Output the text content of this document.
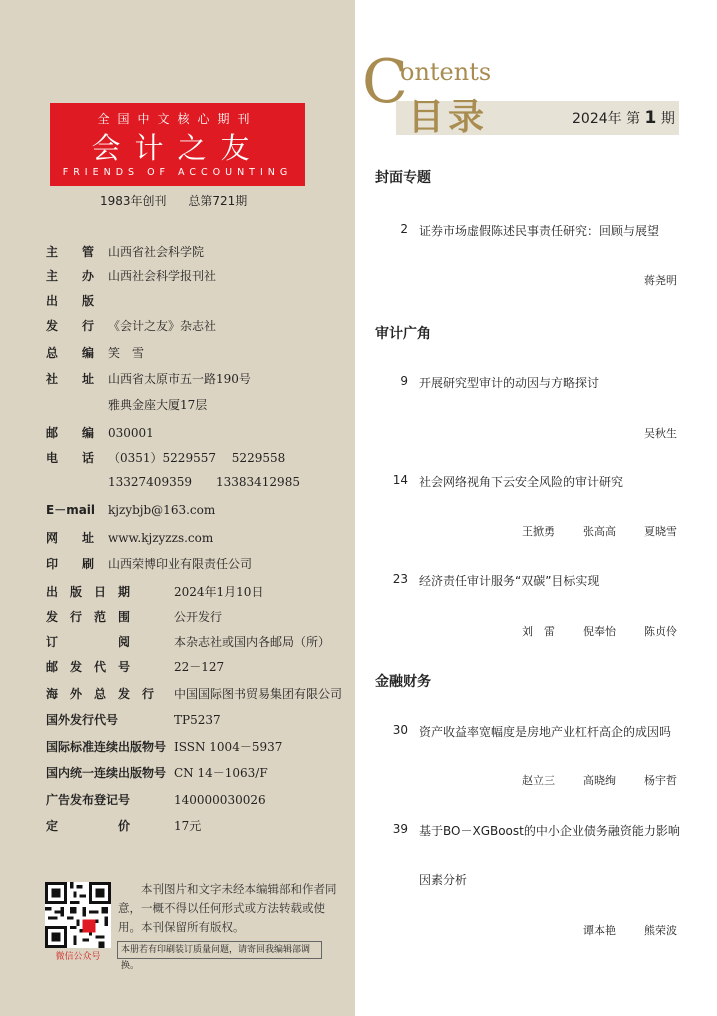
全国中文核心期刊
会计之友
FRIENDS OF ACCOUNTING
1983年创刊 总第721期
主　　管 山西省社会科学院
主　　办 山西社会科学报刊社
出　　版
发　　行 《会计之友》杂志社
总　　编 笑　雪
社　　址 山西省太原市五一路190号
雅典金座大厦17层
邮　　编 030001
电　　话 （0351）5229557　 5229558
13327409359　　13383412985
E－mail kjzybjb@163.com
网　　址 www.kjzyzzs.com
印　　刷 山西荣博印业有限责任公司
出　版　日　期	2024年1月10日
发　行　范　围	公开发行
订　　　　　阅	本杂志社或国内各邮局（所）
邮　发　代　号	22－127
海　外　总　发　行	中国国际图书贸易集团有限公司
国外发行代号	TP5237
国际标准连续出版物号 ISSN 1004－5937
国内统一连续出版物号 CN 14－1063/F
广告发布登记号	140000030026
定　　　　　价	17元
微信公众号
本刊图片和文字未经本编辑部和作者同意，一概不得以任何形式或方法转载或使用。本刊保留所有版权。
本册若有印刷装订质量问题，请寄回我编辑部调换。
C
ontents
目录	2024年 第 1 期
封面专题
2 证券市场虚假陈述民事责任研究：回顾与展望
蒋尧明
审计广角
9 开展研究型审计的动因与方略探讨
吴秋生
14 社会网络视角下云安全风险的审计研究
王掀勇	张高高	夏晓雪
23 经济责任审计服务“双碳”目标实现
刘　雷	倪奉怡	陈贞伶
金融财务
30 资产收益率宽幅度是房地产业杠杆高企的成因吗
赵立三	高晓绚	杨宇哲
39 基于BO－XGBoost的中小企业债务融资能力影响
因素分析
谭本艳	熊荣波
